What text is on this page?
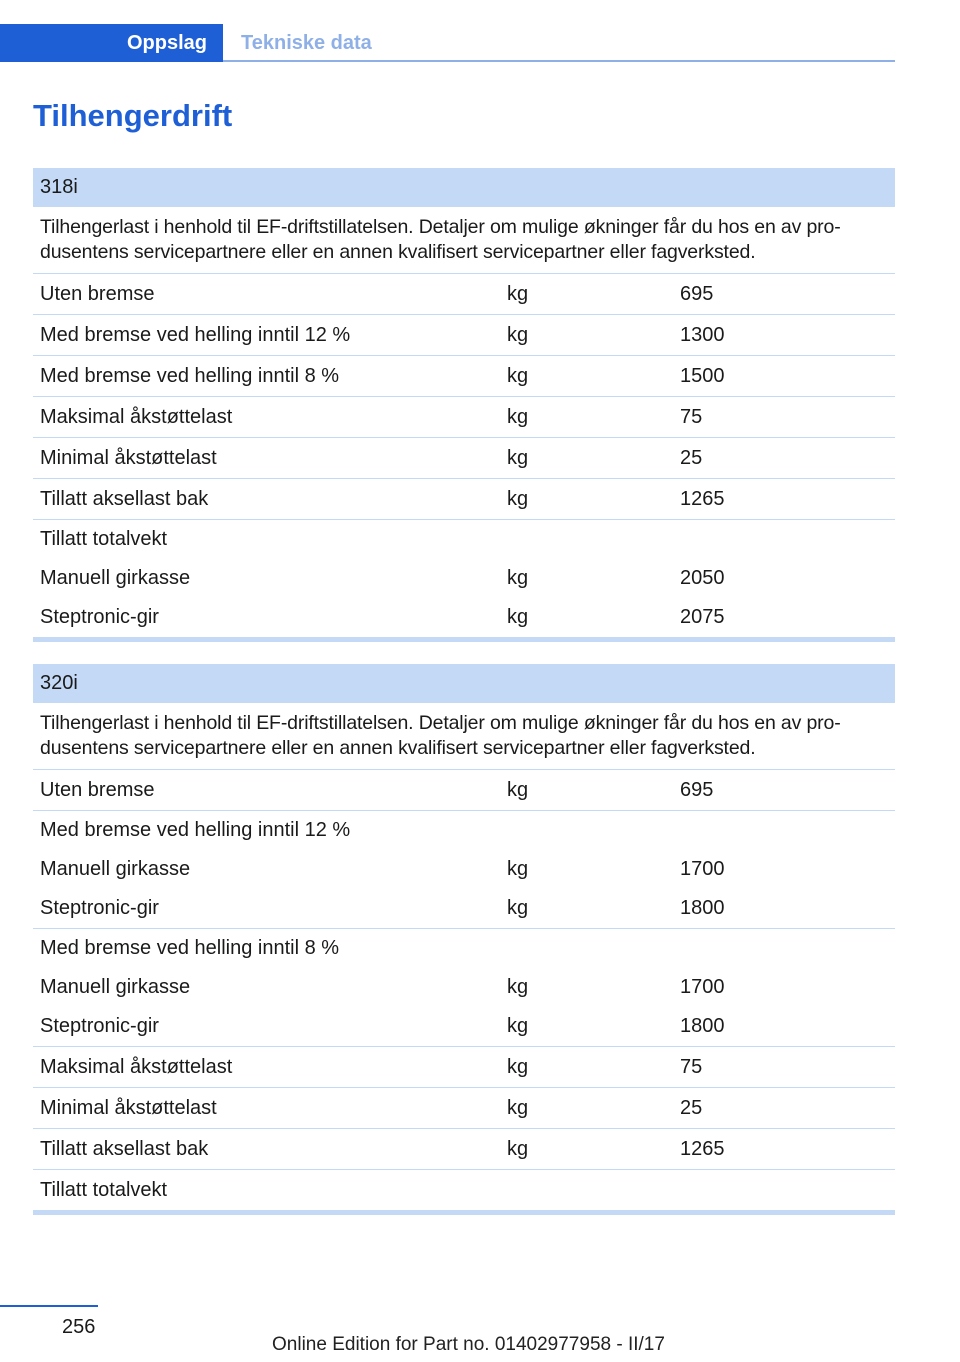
Oppslag	Tekniske data
Tilhengerdrift
318i
Tilhengerlast i henhold til EF-driftstillatelsen. Detaljer om mulige økninger får du hos en av pro-dusentens servicepartnere eller en annen kvalifisert servicepartner eller fagverksted.
Uten bremse	kg	695
Med bremse ved helling inntil 12 %	kg	1300
Med bremse ved helling inntil 8 %	kg	1500
Maksimal åkstøttelast	kg	75
Minimal åkstøttelast	kg	25
Tillatt aksellast bak	kg	1265
Tillatt totalvekt
Manuell girkasse	kg	2050
Steptronic-gir	kg	2075
320i
Tilhengerlast i henhold til EF-driftstillatelsen. Detaljer om mulige økninger får du hos en av pro-dusentens servicepartnere eller en annen kvalifisert servicepartner eller fagverksted.
Uten bremse	kg	695
Med bremse ved helling inntil 12 %
Manuell girkasse	kg	1700
Steptronic-gir	kg	1800
Med bremse ved helling inntil 8 %
Manuell girkasse	kg	1700
Steptronic-gir	kg	1800
Maksimal åkstøttelast	kg	75
Minimal åkstøttelast	kg	25
Tillatt aksellast bak	kg	1265
Tillatt totalvekt
256
Online Edition for Part no. 01402977958 - II/17
